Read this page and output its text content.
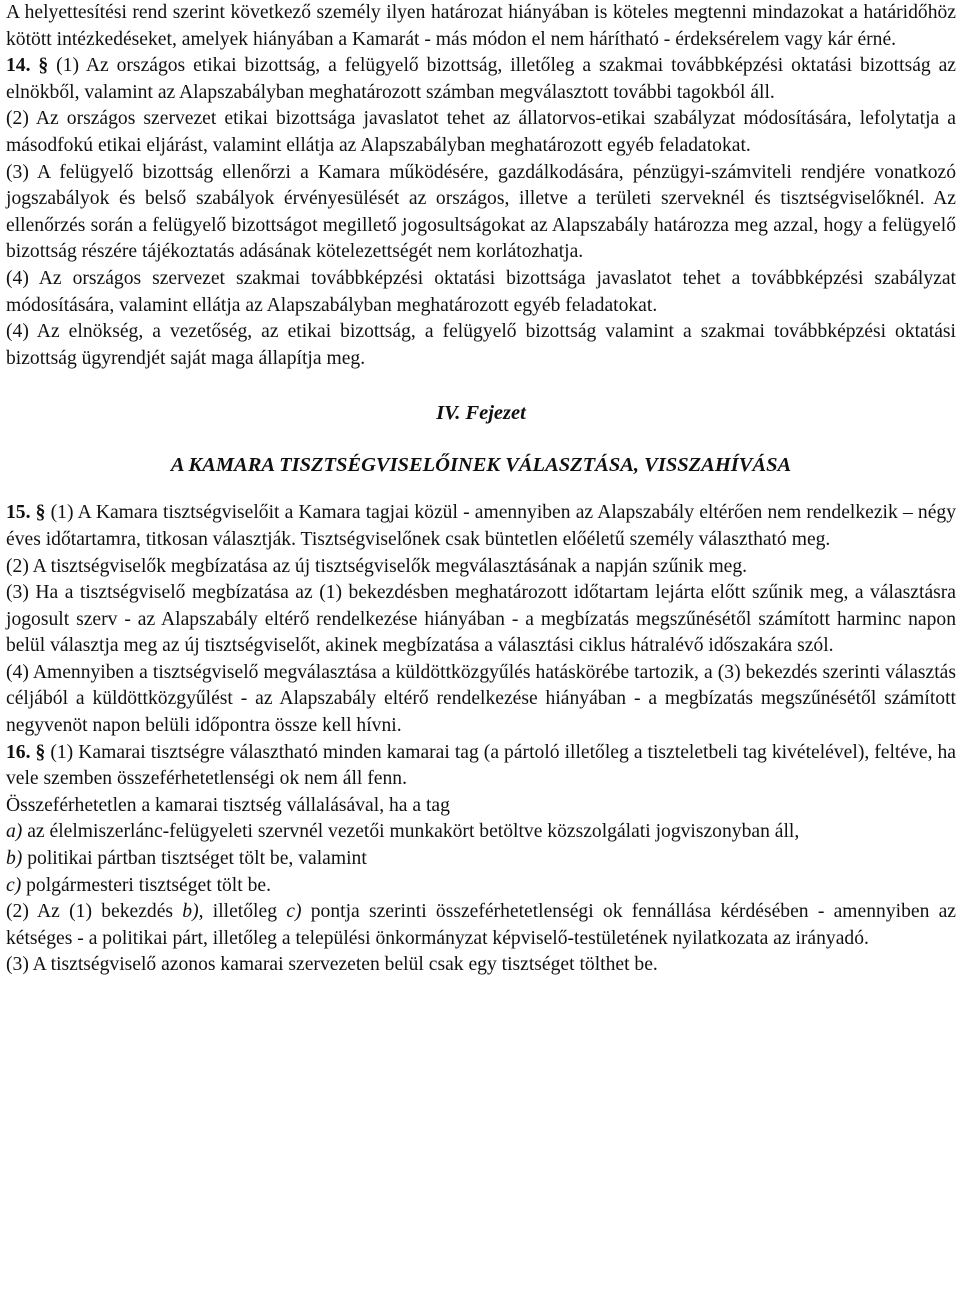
A helyettesítési rend szerint következő személy ilyen határozat hiányában is köteles megtenni mindazokat a határidőhöz kötött intézkedéseket, amelyek hiányában a Kamarát - más módon el nem hárítható - érdeksérelem vagy kár érné.

14. § (1) Az országos etikai bizottság, a felügyelő bizottság, illetőleg a szakmai továbbképzési oktatási bizottság az elnökből, valamint az Alapszabályban meghatározott számban megválasztott további tagokból áll.

(2) Az országos szervezet etikai bizottsága javaslatot tehet az állatorvos-etikai szabályzat módosítására, lefolytatja a másodfokú etikai eljárást, valamint ellátja az Alapszabályban meghatározott egyéb feladatokat.

(3) A felügyelő bizottság ellenőrzi a Kamara működésére, gazdálkodására, pénzügyi-számviteli rendjére vonatkozó jogszabályok és belső szabályok érvényesülését az országos, illetve a területi szerveknél és tisztségviselőknél. Az ellenőrzés során a felügyelő bizottságot megillető jogosultságokat az Alapszabály határozza meg azzal, hogy a felügyelő bizottság részére tájékoztatás adásának kötelezettségét nem korlátozhatja.

(4) Az országos szervezet szakmai továbbképzési oktatási bizottsága javaslatot tehet a továbbképzési szabályzat módosítására, valamint ellátja az Alapszabályban meghatározott egyéb feladatokat.

(4) Az elnökség, a vezetőség, az etikai bizottság, a felügyelő bizottság valamint a szakmai továbbképzési oktatási bizottság ügyrendjét saját maga állapítja meg.

IV. Fejezet

A KAMARA TISZTSÉGVISELŐINEK VÁLASZTÁSA, VISSZAHÍVÁSA

15. § (1) A Kamara tisztségviselőit a Kamara tagjai közül - amennyiben az Alapszabály eltérően nem rendelkezik – négy éves időtartamra, titkosan választják. Tisztségviselőnek csak büntetlen előéletű személy választható meg.

(2) A tisztségviselők megbízatása az új tisztségviselők megválasztásának a napján szűnik meg.

(3) Ha a tisztségviselő megbízatása az (1) bekezdésben meghatározott időtartam lejárta előtt szűnik meg, a választásra jogosult szerv - az Alapszabály eltérő rendelkezése hiányában - a megbízatás megszűnésétől számított harminc napon belül választja meg az új tisztségviselőt, akinek megbízatása a választási ciklus hátralévő időszakára szól.

(4) Amennyiben a tisztségviselő megválasztása a küldöttközgyűlés hatáskörébe tartozik, a (3) bekezdés szerinti választás céljából a küldöttközgyűlést - az Alapszabály eltérő rendelkezése hiányában - a megbízatás megszűnésétől számított negyvenöt napon belüli időpontra össze kell hívni.

16. § (1) Kamarai tisztségre választható minden kamarai tag (a pártoló illetőleg a tiszteletbeli tag kivételével), feltéve, ha vele szemben összeférhetetlenségi ok nem áll fenn.

Összeférhetetlen a kamarai tisztség vállalásával, ha a tag

a) az élelmiszerlánc-felügyeleti szervnél vezetői munkakört betöltve közszolgálati jogviszonyban áll,

b) politikai pártban tisztséget tölt be, valamint

c) polgármesteri tisztséget tölt be.

(2) Az (1) bekezdés b), illetőleg c) pontja szerinti összeférhetetlenségi ok fennállása kérdésében - amennyiben az kétséges - a politikai párt, illetőleg a települési önkormányzat képviselő-testületének nyilatkozata az irányadó.

(3) A tisztségviselő azonos kamarai szervezeten belül csak egy tisztséget tölthet be.
